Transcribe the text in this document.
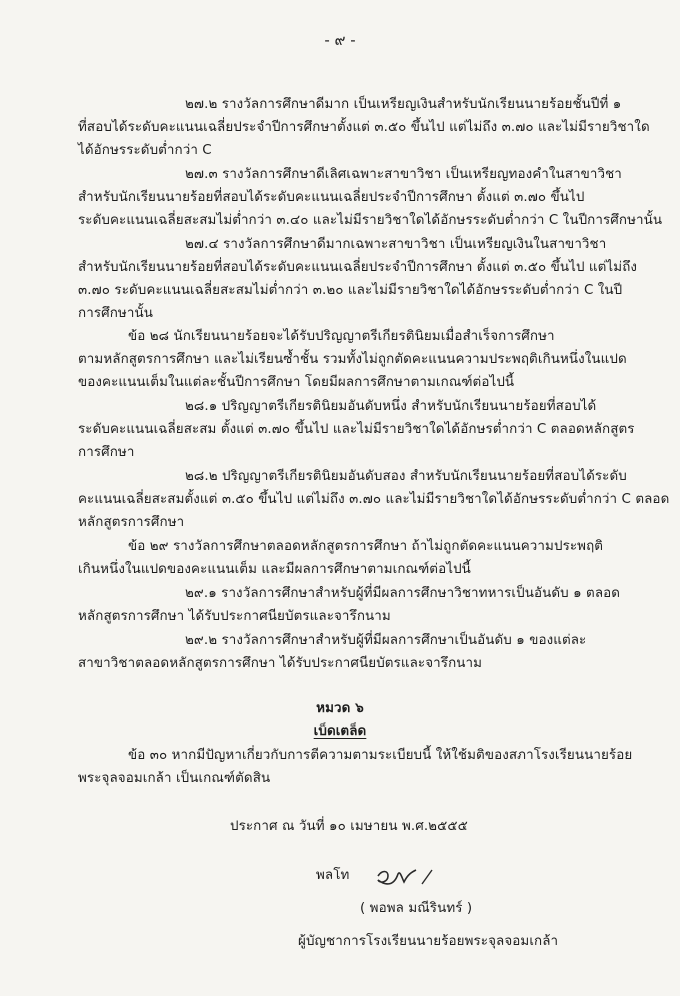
- ๙ -
๒๗.๒ รางวัลการศึกษาดีมาก เป็นเหรียญเงินสำหรับนักเรียนนายร้อยชั้นปีที่ ๑
ที่สอบได้ระดับคะแนนเฉลี่ยประจำปีการศึกษาตั้งแต่ ๓.๕๐ ขึ้นไป แต่ไม่ถึง ๓.๗๐ และไม่มีรายวิชาใด
ได้อักษรระดับต่ำกว่า C
๒๗.๓ รางวัลการศึกษาดีเลิศเฉพาะสาขาวิชา เป็นเหรียญทองคำในสาขาวิชา
สำหรับนักเรียนนายร้อยที่สอบได้ระดับคะแนนเฉลี่ยประจำปีการศึกษา ตั้งแต่ ๓.๗๐ ขึ้นไป
ระดับคะแนนเฉลี่ยสะสมไม่ต่ำกว่า ๓.๔๐ และไม่มีรายวิชาใดได้อักษรระดับต่ำกว่า C ในปีการศึกษานั้น
๒๗.๔ รางวัลการศึกษาดีมากเฉพาะสาขาวิชา เป็นเหรียญเงินในสาขาวิชา
สำหรับนักเรียนนายร้อยที่สอบได้ระดับคะแนนเฉลี่ยประจำปีการศึกษา ตั้งแต่ ๓.๕๐ ขึ้นไป แต่ไม่ถึง
๓.๗๐ ระดับคะแนนเฉลี่ยสะสมไม่ต่ำกว่า ๓.๒๐ และไม่มีรายวิชาใดได้อักษรระดับต่ำกว่า C ในปี
การศึกษานั้น
ข้อ ๒๘ นักเรียนนายร้อยจะได้รับปริญญาตรีเกียรตินิยมเมื่อสำเร็จการศึกษา
ตามหลักสูตรการศึกษา และไม่เรียนซ้ำชั้น รวมทั้งไม่ถูกตัดคะแนนความประพฤติเกินหนึ่งในแปด
ของคะแนนเต็มในแต่ละชั้นปีการศึกษา โดยมีผลการศึกษาตามเกณฑ์ต่อไปนี้
๒๘.๑ ปริญญาตรีเกียรตินิยมอันดับหนึ่ง สำหรับนักเรียนนายร้อยที่สอบได้
ระดับคะแนนเฉลี่ยสะสม ตั้งแต่ ๓.๗๐ ขึ้นไป และไม่มีรายวิชาใดได้อักษรต่ำกว่า C ตลอดหลักสูตร
การศึกษา
๒๘.๒ ปริญญาตรีเกียรตินิยมอันดับสอง สำหรับนักเรียนนายร้อยที่สอบได้ระดับ
คะแนนเฉลี่ยสะสมตั้งแต่ ๓.๕๐ ขึ้นไป แต่ไม่ถึง ๓.๗๐ และไม่มีรายวิชาใดได้อักษรระดับต่ำกว่า C ตลอด
หลักสูตรการศึกษา
ข้อ ๒๙ รางวัลการศึกษาตลอดหลักสูตรการศึกษา ถ้าไม่ถูกตัดคะแนนความประพฤติ
เกินหนึ่งในแปดของคะแนนเต็ม และมีผลการศึกษาตามเกณฑ์ต่อไปนี้
๒๙.๑ รางวัลการศึกษาสำหรับผู้ที่มีผลการศึกษาวิชาทหารเป็นอันดับ ๑ ตลอด
หลักสูตรการศึกษา ได้รับประกาศนียบัตรและจารึกนาม
๒๙.๒ รางวัลการศึกษาสำหรับผู้ที่มีผลการศึกษาเป็นอันดับ ๑ ของแต่ละ
สาขาวิชาตลอดหลักสูตรการศึกษา ได้รับประกาศนียบัตรและจารึกนาม
หมวด ๖
เบ็ดเตล็ด
ข้อ ๓๐ หากมีปัญหาเกี่ยวกับการตีความตามระเบียบนี้ ให้ใช้มติของสภาโรงเรียนนายร้อย
พระจุลจอมเกล้า เป็นเกณฑ์ตัดสิน
ประกาศ ณ วันที่ ๑๐ เมษายน พ.ศ.๒๕๕๕
พลโท
( พอพล มณีรินทร์ )
ผู้บัญชาการโรงเรียนนายร้อยพระจุลจอมเกล้า
